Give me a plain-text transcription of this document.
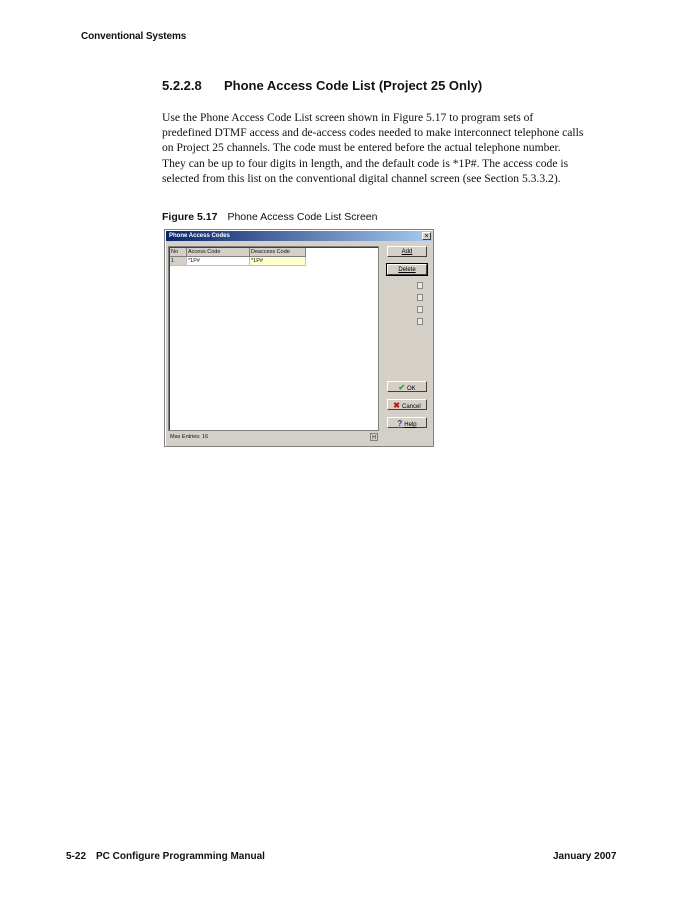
Conventional Systems
5.2.2.8 Phone Access Code List (Project 25 Only)
Use the Phone Access Code List screen shown in Figure 5.17 to program sets of
predefined DTMF access and de-access codes needed to make interconnect telephone calls
on Project 25 channels. The code must be entered before the actual telephone number.
They can be up to four digits in length, and the default code is *1P#. The access code is
selected from this list on the conventional digital channel screen (see Section 5.3.3.2).
Figure 5.17 Phone Access Code List Screen
Phone Access Codes	×
No	Access Code	Deaccess Code
1	*1P#	*1P#
Add
Delete
✔ OK
✖ Cancel
? Help
Max Entries: 16	H
5-22 PC Configure Programming Manual	January 2007
